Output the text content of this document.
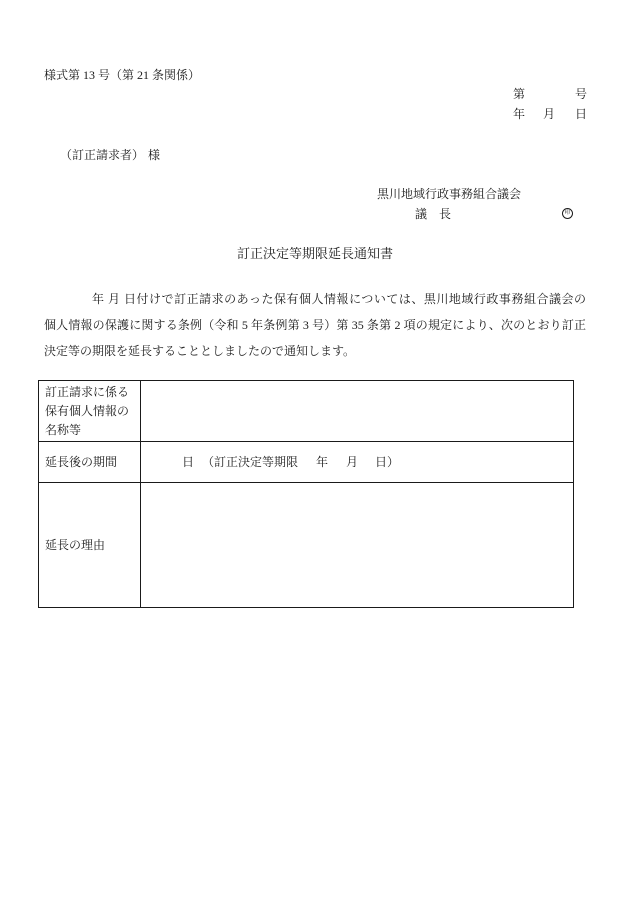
様式第 13 号（第 21 条関係）
第	号
年 月 日
（訂正請求者） 様
黒川地域行政事務組合議会
議　長	印
訂正決定等期限延長通知書
年 月 日付けで訂正請求のあった保有個人情報については、黒川地域行政事務組合議会の
個人情報の保護に関する条例（令和 5 年条例第 3 号）第 35 条第 2 項の規定により、次のとおり訂正
決定等の期限を延長することとしましたので通知します。
訂正請求に係る
保有個人情報の
名称等
延長後の期間	日 （訂正決定等期限 年 月 日）
延長の理由
